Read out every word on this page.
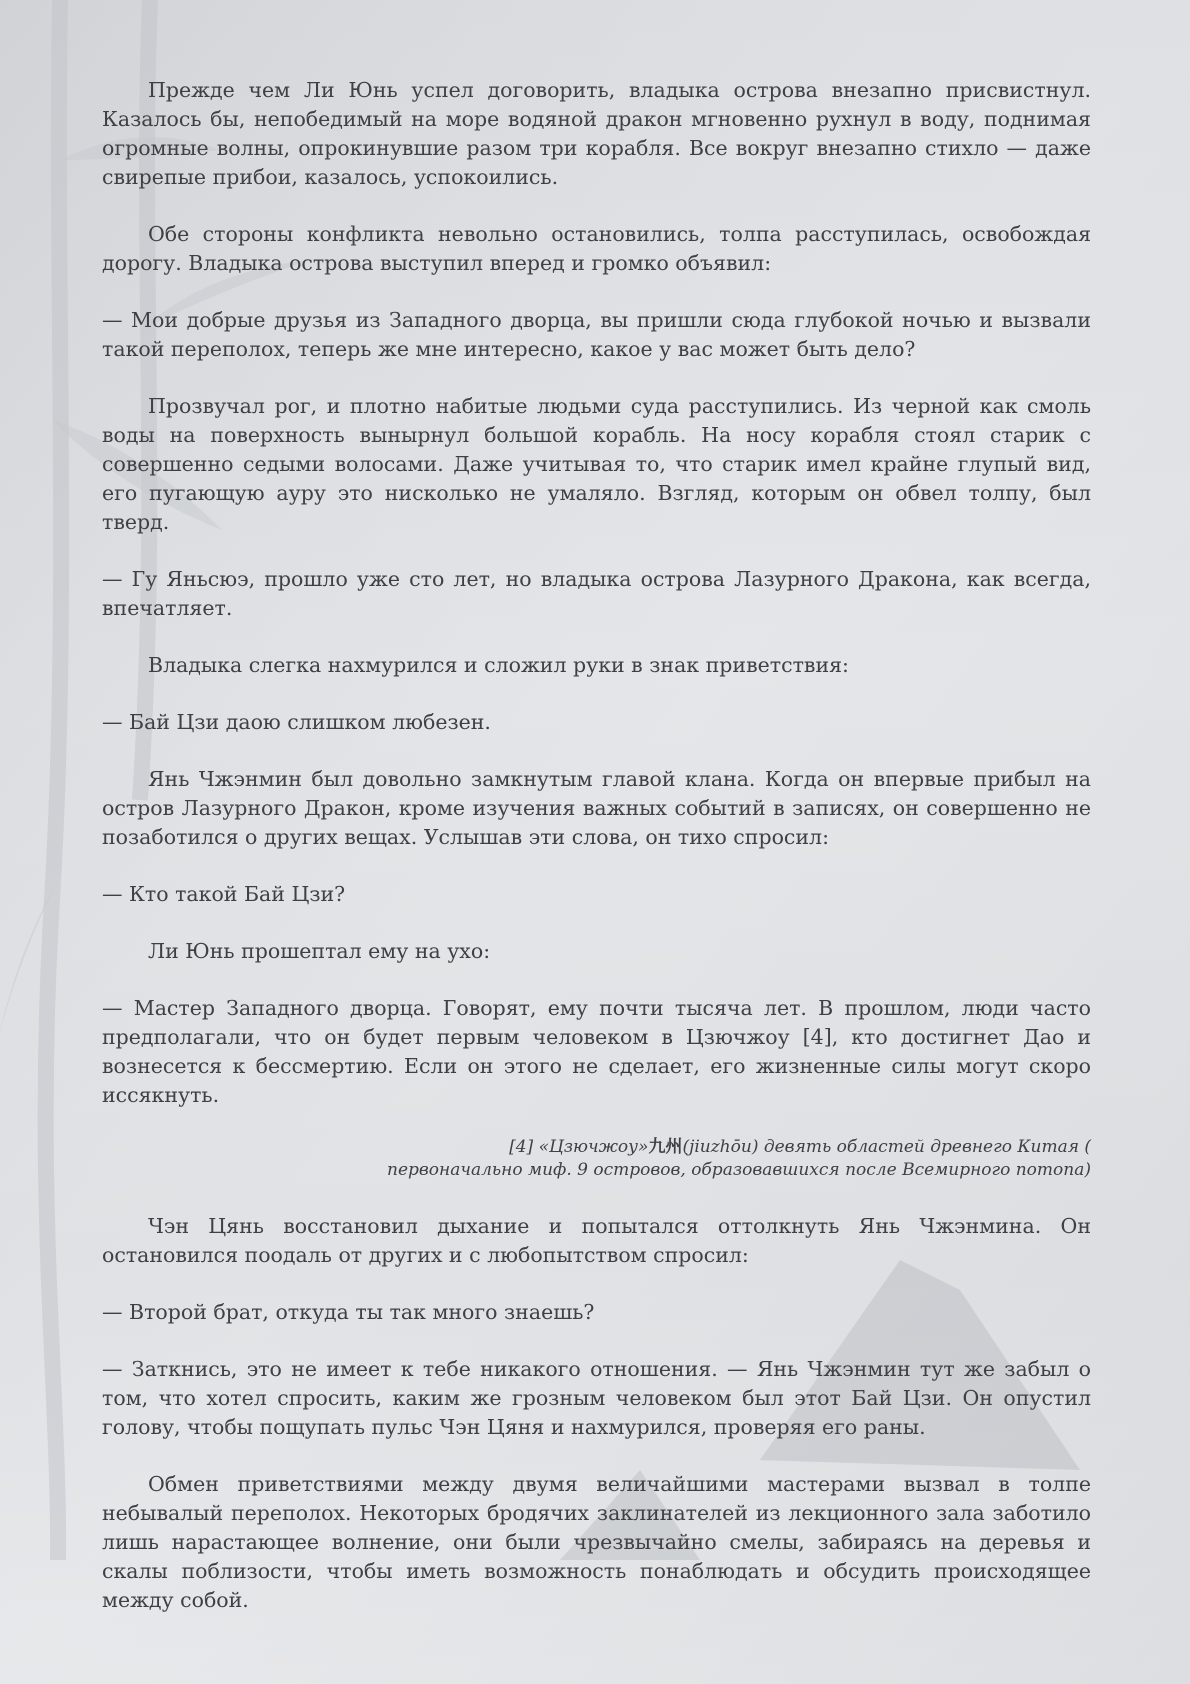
Прежде чем Ли Юнь успел договорить, владыка острова внезапно присвистнул. Казалось бы, непобедимый на море водяной дракон мгновенно рухнул в воду, поднимая огромные волны, опрокинувшие разом три корабля. Все вокруг внезапно стихло — даже свирепые прибои, казалось, успокоились.

Обе стороны конфликта невольно остановились, толпа расступилась, освобождая дорогу. Владыка острова выступил вперед и громко объявил:

— Мои добрые друзья из Западного дворца, вы пришли сюда глубокой ночью и вызвали такой переполох, теперь же мне интересно, какое у вас может быть дело?

Прозвучал рог, и плотно набитые людьми суда расступились. Из черной как смоль воды на поверхность вынырнул большой корабль. На носу корабля стоял старик с совершенно седыми волосами. Даже учитывая то, что старик имел крайне глупый вид, его пугающую ауру это нисколько не умаляло. Взгляд, которым он обвел толпу, был тверд.

— Гу Яньсюэ, прошло уже сто лет, но владыка острова Лазурного Дракона, как всегда, впечатляет.

Владыка слегка нахмурился и сложил руки в знак приветствия:

— Бай Цзи даою слишком любезен.

Янь Чжэнмин был довольно замкнутым главой клана. Когда он впервые прибыл на остров Лазурного Дракон, кроме изучения важных событий в записях, он совершенно не позаботился о других вещах. Услышав эти слова, он тихо спросил:

— Кто такой Бай Цзи?

Ли Юнь прошептал ему на ухо:

— Мастер Западного дворца. Говорят, ему почти тысяча лет. В прошлом, люди часто предполагали, что он будет первым человеком в Цзючжоу [4], кто достигнет Дао и вознесется к бессмертию. Если он этого не сделает, его жизненные силы могут скоро иссякнуть.

[4] «Цзючжоу»九州(jiuzhōu) девять областей древнего Китая (
первоначально миф. 9 островов, образовавшихся после Всемирного потопа)

Чэн Цянь восстановил дыхание и попытался оттолкнуть Янь Чжэнмина. Он остановился поодаль от других и с любопытством спросил:

— Второй брат, откуда ты так много знаешь?

— Заткнись, это не имеет к тебе никакого отношения. — Янь Чжэнмин тут же забыл о том, что хотел спросить, каким же грозным человеком был этот Бай Цзи. Он опустил голову, чтобы пощупать пульс Чэн Цяня и нахмурился, проверяя его раны.

Обмен приветствиями между двумя величайшими мастерами вызвал в толпе небывалый переполох. Некоторых бродячих заклинателей из лекционного зала заботило лишь нарастающее волнение, они были чрезвычайно смелы, забираясь на деревья и скалы поблизости, чтобы иметь возможность понаблюдать и обсудить происходящее между собой.
